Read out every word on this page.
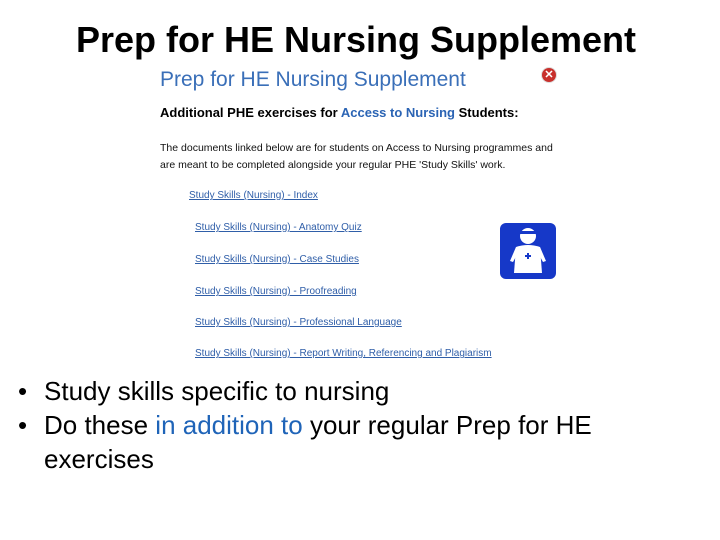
Prep for HE Nursing Supplement
Prep for HE Nursing Supplement	✕
Additional PHE exercises for Access to Nursing Students:
The documents linked below are for students on Access to Nursing programmes and are meant to be completed alongside your regular PHE 'Study Skills' work.
Study Skills (Nursing) - Index
Study Skills (Nursing) - Anatomy Quiz
Study Skills (Nursing) - Case Studies
Study Skills (Nursing) - Proofreading
Study Skills (Nursing) - Professional Language
Study Skills (Nursing) - Report Writing, Referencing and Plagiarism
• Study skills specific to nursing
• Do these in addition to your regular Prep for HE exercises
